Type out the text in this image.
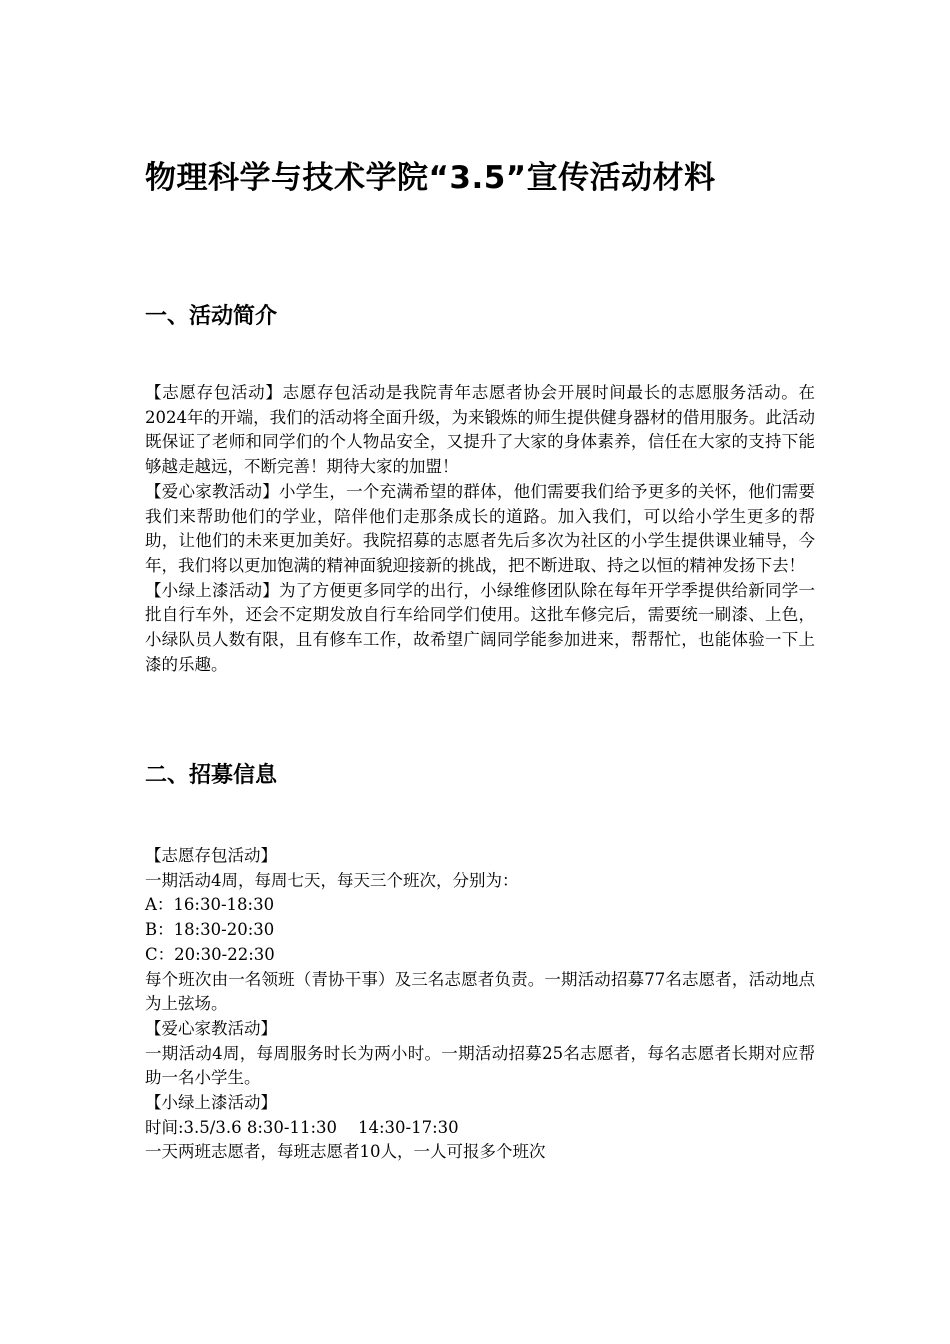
物理科学与技术学院“3.5”宣传活动材料
一、活动简介

【志愿存包活动】志愿存包活动是我院青年志愿者协会开展时间最长的志愿服务活动。在2024年的开端，我们的活动将全面升级，为来锻炼的师生提供健身器材的借用服务。此活动既保证了老师和同学们的个人物品安全，又提升了大家的身体素养，信任在大家的支持下能够越走越远，不断完善！期待大家的加盟！

【爱心家教活动】小学生，一个充满希望的群体，他们需要我们给予更多的关怀，他们需要我们来帮助他们的学业，陪伴他们走那条成长的道路。加入我们，可以给小学生更多的帮助，让他们的未来更加美好。我院招募的志愿者先后多次为社区的小学生提供课业辅导，今年，我们将以更加饱满的精神面貌迎接新的挑战，把不断进取、持之以恒的精神发扬下去！

【小绿上漆活动】为了方便更多同学的出行，小绿维修团队除在每年开学季提供给新同学一批自行车外，还会不定期发放自行车给同学们使用。这批车修完后，需要统一刷漆、上色，小绿队员人数有限，且有修车工作，故希望广阔同学能参加进来，帮帮忙，也能体验一下上漆的乐趣。

二、招募信息

【志愿存包活动】

一期活动4周，每周七天，每天三个班次，分别为：

A：16:30-18:30

B：18:30-20:30

C：20:30-22:30

每个班次由一名领班（青协干事）及三名志愿者负责。一期活动招募77名志愿者，活动地点为上弦场。

【爱心家教活动】

一期活动4周，每周服务时长为两小时。一期活动招募25名志愿者，每名志愿者长期对应帮助一名小学生。

【小绿上漆活动】

时间:3.5/3.6 8:30-11:30    14:30-17:30

一天两班志愿者，每班志愿者10人，一人可报多个班次
